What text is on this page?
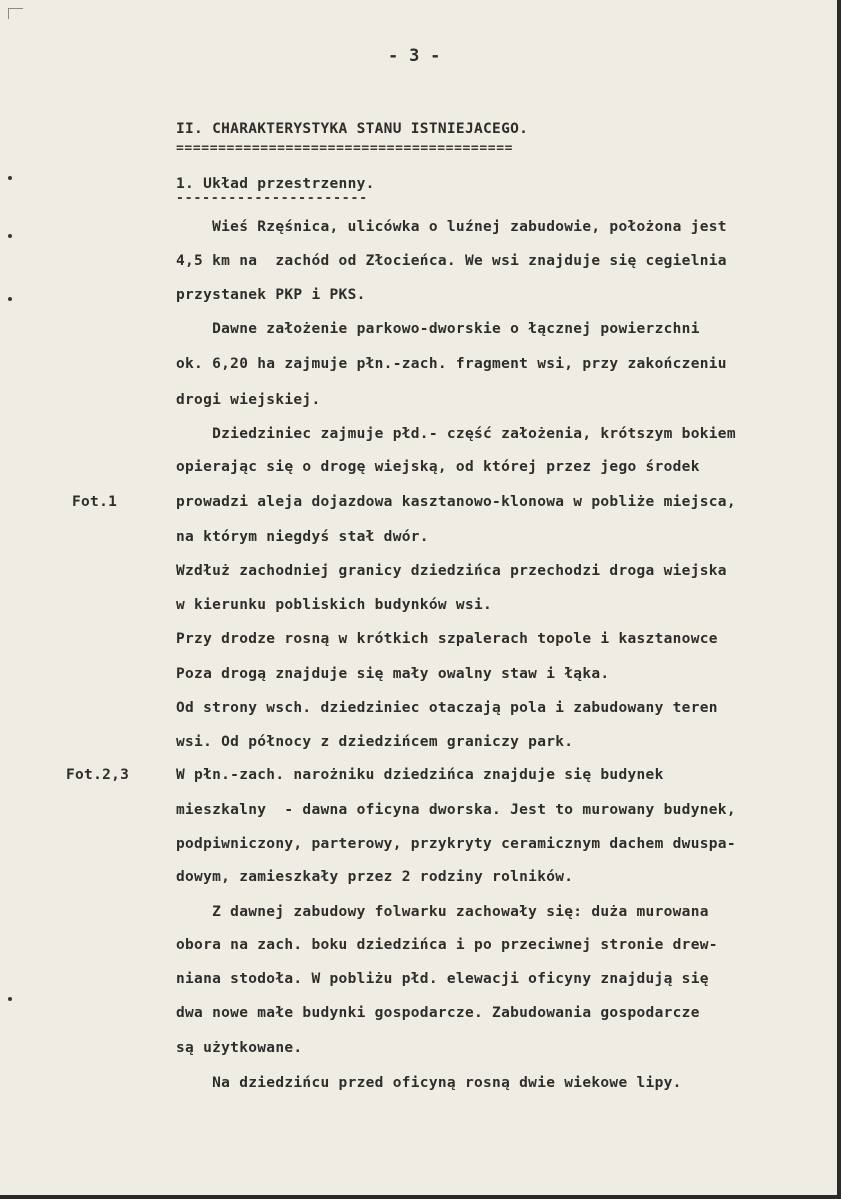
- 3 -
II. CHARAKTERYSTYKA STANU ISTNIEJACEGO.
========================================
1. Układ przestrzenny.
----------------------
Fot.1
Fot.2,3
Wieś Rzęśnica, ulicówka o luźnej zabudowie, położona jest
4,5 km na  zachód od Złocieńca. We wsi znajduje się cegielnia
przystanek PKP i PKS.
Dawne założenie parkowo-dworskie o łącznej powierzchni
ok. 6,20 ha zajmuje płn.-zach. fragment wsi, przy zakończeniu
drogi wiejskiej.
Dziedziniec zajmuje płd.- część założenia, krótszym bokiem
opierając się o drogę wiejską, od której przez jego środek
prowadzi aleja dojazdowa kasztanowo-klonowa w pobliże miejsca,
na którym niegdyś stał dwór.
Wzdłuż zachodniej granicy dziedzińca przechodzi droga wiejska
w kierunku pobliskich budynków wsi.
Przy drodze rosną w krótkich szpalerach topole i kasztanowce
Poza drogą znajduje się mały owalny staw i łąka.
Od strony wsch. dziedziniec otaczają pola i zabudowany teren
wsi. Od północy z dziedzińcem graniczy park.
W płn.-zach. narożniku dziedzińca znajduje się budynek
mieszkalny  - dawna oficyna dworska. Jest to murowany budynek,
podpiwniczony, parterowy, przykryty ceramicznym dachem dwuspa-
dowym, zamieszkały przez 2 rodziny rolników.
Z dawnej zabudowy folwarku zachowały się: duża murowana
obora na zach. boku dziedzińca i po przeciwnej stronie drew-
niana stodoła. W pobliżu płd. elewacji oficyny znajdują się
dwa nowe małe budynki gospodarcze. Zabudowania gospodarcze
są użytkowane.
Na dziedzińcu przed oficyną rosną dwie wiekowe lipy.
